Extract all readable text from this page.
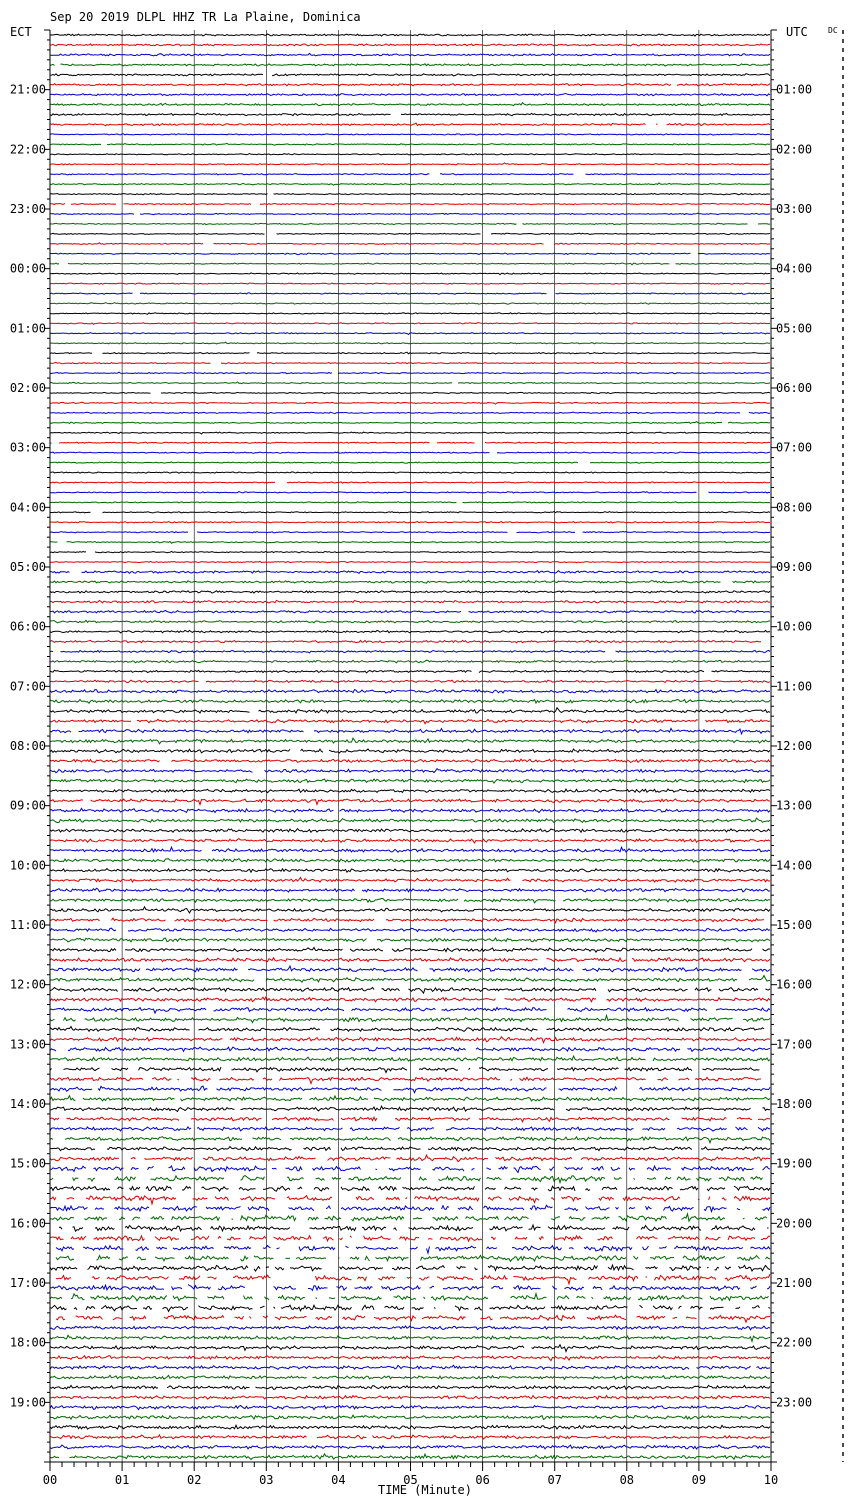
Sep 20 2019 DLPL HHZ TR La Plaine, Dominica
ECT	UTC	DC
TIME (Minute)
21:00
22:00
23:00
00:00
01:00
02:00
03:00
04:00
05:00
06:00
07:00
08:00
09:00
10:00
11:00
12:00
13:00
14:00
15:00
16:00
17:00
18:00
19:00
01:00
02:00
03:00
04:00
05:00
06:00
07:00
08:00
09:00
10:00
11:00
12:00
13:00
14:00
15:00
16:00
17:00
18:00
19:00
20:00
21:00
22:00
23:00
00	01	02	03	04	05	06	07	08	09	10
